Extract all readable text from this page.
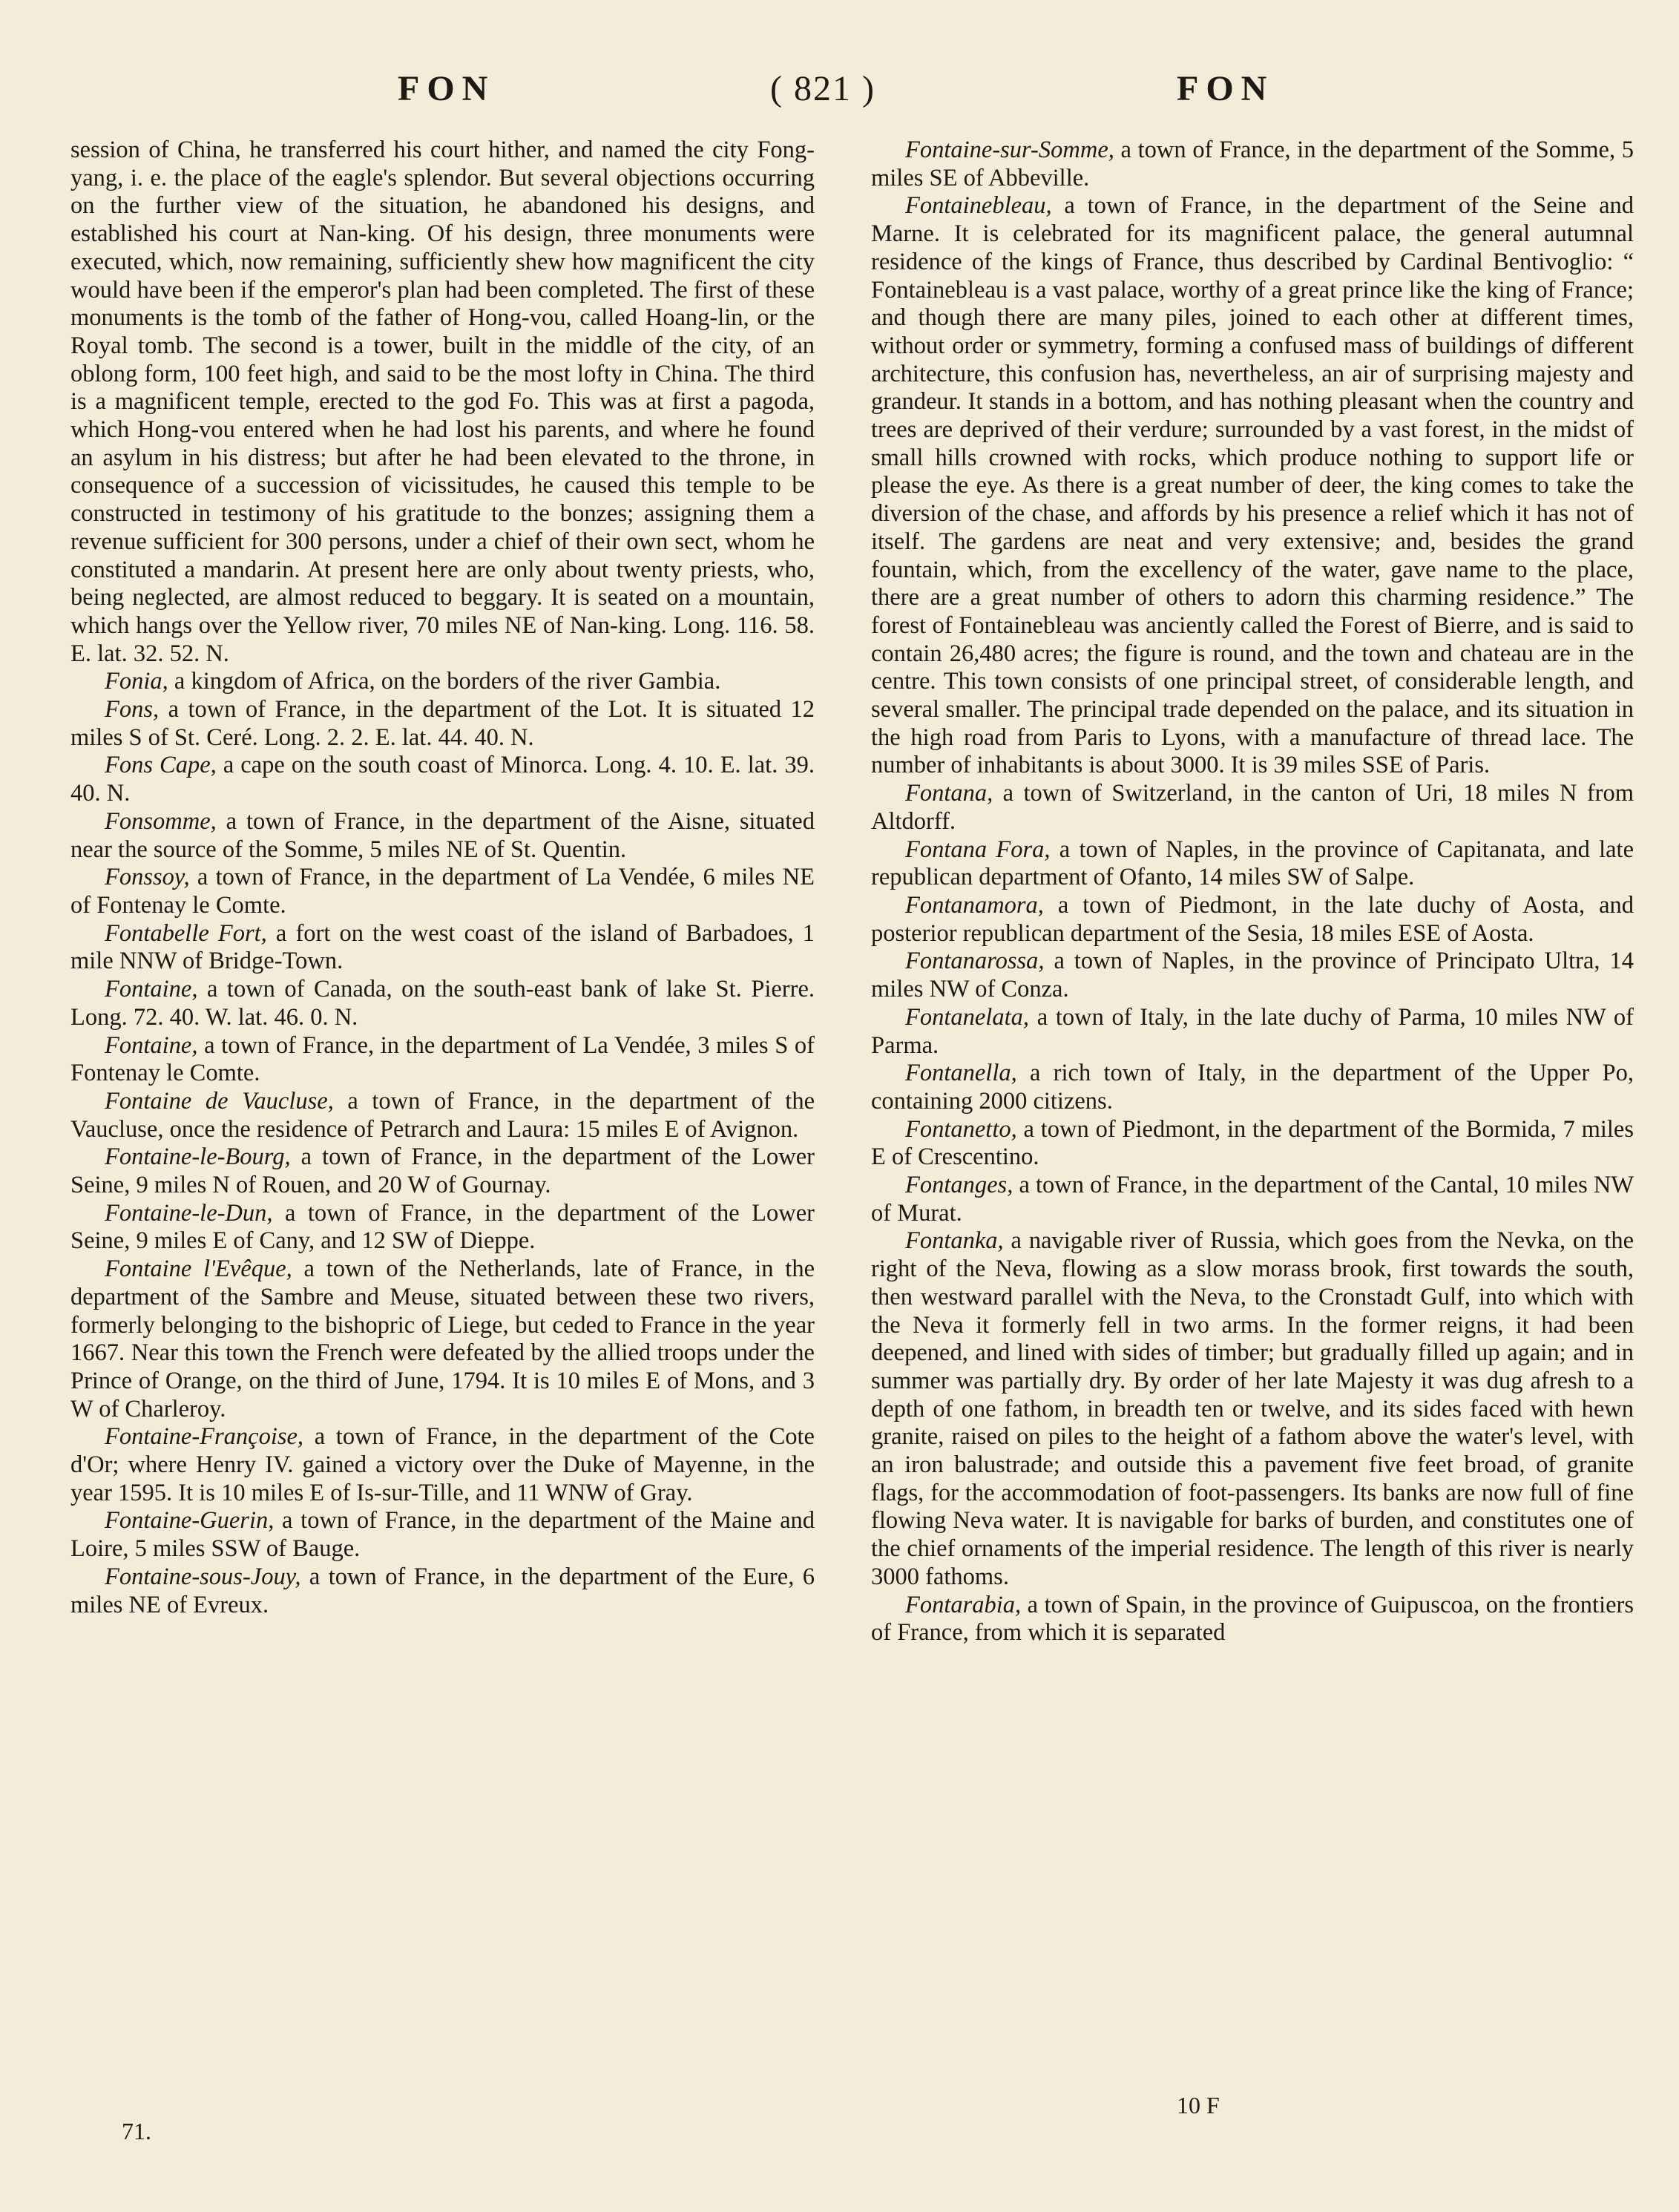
FON	( 821 )	FON

session of China, he transferred his court hither, and named the city Fong-yang, i. e. the place of the eagle's splendor. But several objections occurring on the further view of the situation, he abandoned his designs, and established his court at Nan-king. Of his design, three monuments were executed, which, now remaining, sufficiently shew how magnificent the city would have been if the emperor's plan had been completed. The first of these monuments is the tomb of the father of Hong-vou, called Hoang-lin, or the Royal tomb. The second is a tower, built in the middle of the city, of an oblong form, 100 feet high, and said to be the most lofty in China. The third is a magnificent temple, erected to the god Fo. This was at first a pagoda, which Hong-vou entered when he had lost his parents, and where he found an asylum in his distress; but after he had been elevated to the throne, in consequence of a succession of vicissitudes, he caused this temple to be constructed in testimony of his gratitude to the bonzes; assigning them a revenue sufficient for 300 persons, under a chief of their own sect, whom he constituted a mandarin. At present here are only about twenty priests, who, being neglected, are almost reduced to beggary. It is seated on a mountain, which hangs over the Yellow river, 70 miles NE of Nan-king. Long. 116. 58. E. lat. 32. 52. N.

Fonia, a kingdom of Africa, on the borders of the river Gambia.

Fons, a town of France, in the department of the Lot. It is situated 12 miles S of St. Ceré. Long. 2. 2. E. lat. 44. 40. N.

Fons Cape, a cape on the south coast of Minorca. Long. 4. 10. E. lat. 39. 40. N.

Fonsomme, a town of France, in the department of the Aisne, situated near the source of the Somme, 5 miles NE of St. Quentin.

Fonssoy, a town of France, in the department of La Vendée, 6 miles NE of Fontenay le Comte.

Fontabelle Fort, a fort on the west coast of the island of Barbadoes, 1 mile NNW of Bridge-Town.

Fontaine, a town of Canada, on the south-east bank of lake St. Pierre. Long. 72. 40. W. lat. 46. 0. N.

Fontaine, a town of France, in the department of La Vendée, 3 miles S of Fontenay le Comte.

Fontaine de Vaucluse, a town of France, in the department of the Vaucluse, once the residence of Petrarch and Laura: 15 miles E of Avignon.

Fontaine-le-Bourg, a town of France, in the department of the Lower Seine, 9 miles N of Rouen, and 20 W of Gournay.

Fontaine-le-Dun, a town of France, in the department of the Lower Seine, 9 miles E of Cany, and 12 SW of Dieppe.

Fontaine l'Evêque, a town of the Netherlands, late of France, in the department of the Sambre and Meuse, situated between these two rivers, formerly belonging to the bishopric of Liege, but ceded to France in the year 1667. Near this town the French were defeated by the allied troops under the Prince of Orange, on the third of June, 1794. It is 10 miles E of Mons, and 3 W of Charleroy.

Fontaine-Françoise, a town of France, in the department of the Cote d'Or; where Henry IV. gained a victory over the Duke of Mayenne, in the year 1595. It is 10 miles E of Is-sur-Tille, and 11 WNW of Gray.

Fontaine-Guerin, a town of France, in the department of the Maine and Loire, 5 miles SSW of Bauge.

Fontaine-sous-Jouy, a town of France, in the department of the Eure, 6 miles NE of Evreux.

Fontaine-sur-Somme, a town of France, in the department of the Somme, 5 miles SE of Abbeville.

Fontainebleau, a town of France, in the department of the Seine and Marne. It is celebrated for its magnificent palace, the general autumnal residence of the kings of France, thus described by Cardinal Bentivoglio: “ Fontainebleau is a vast palace, worthy of a great prince like the king of France; and though there are many piles, joined to each other at different times, without order or symmetry, forming a confused mass of buildings of different architecture, this confusion has, nevertheless, an air of surprising majesty and grandeur. It stands in a bottom, and has nothing pleasant when the country and trees are deprived of their verdure; surrounded by a vast forest, in the midst of small hills crowned with rocks, which produce nothing to support life or please the eye. As there is a great number of deer, the king comes to take the diversion of the chase, and affords by his presence a relief which it has not of itself. The gardens are neat and very extensive; and, besides the grand fountain, which, from the excellency of the water, gave name to the place, there are a great number of others to adorn this charming residence.” The forest of Fontainebleau was anciently called the Forest of Bierre, and is said to contain 26,480 acres; the figure is round, and the town and chateau are in the centre. This town consists of one principal street, of considerable length, and several smaller. The principal trade depended on the palace, and its situation in the high road from Paris to Lyons, with a manufacture of thread lace. The number of inhabitants is about 3000. It is 39 miles SSE of Paris.

Fontana, a town of Switzerland, in the canton of Uri, 18 miles N from Altdorff.

Fontana Fora, a town of Naples, in the province of Capitanata, and late republican department of Ofanto, 14 miles SW of Salpe.

Fontanamora, a town of Piedmont, in the late duchy of Aosta, and posterior republican department of the Sesia, 18 miles ESE of Aosta.

Fontanarossa, a town of Naples, in the province of Principato Ultra, 14 miles NW of Conza.

Fontanelata, a town of Italy, in the late duchy of Parma, 10 miles NW of Parma.

Fontanella, a rich town of Italy, in the department of the Upper Po, containing 2000 citizens.

Fontanetto, a town of Piedmont, in the department of the Bormida, 7 miles E of Crescentino.

Fontanges, a town of France, in the department of the Cantal, 10 miles NW of Murat.

Fontanka, a navigable river of Russia, which goes from the Nevka, on the right of the Neva, flowing as a slow morass brook, first towards the south, then westward parallel with the Neva, to the Cronstadt Gulf, into which with the Neva it formerly fell in two arms. In the former reigns, it had been deepened, and lined with sides of timber; but gradually filled up again; and in summer was partially dry. By order of her late Majesty it was dug afresh to a depth of one fathom, in breadth ten or twelve, and its sides faced with hewn granite, raised on piles to the height of a fathom above the water's level, with an iron balustrade; and outside this a pavement five feet broad, of granite flags, for the accommodation of foot-passengers. Its banks are now full of fine flowing Neva water. It is navigable for barks of burden, and constitutes one of the chief ornaments of the imperial residence. The length of this river is nearly 3000 fathoms.

Fontarabia, a town of Spain, in the province of Guipuscoa, on the frontiers of France, from which it is separated

71.
10 F
